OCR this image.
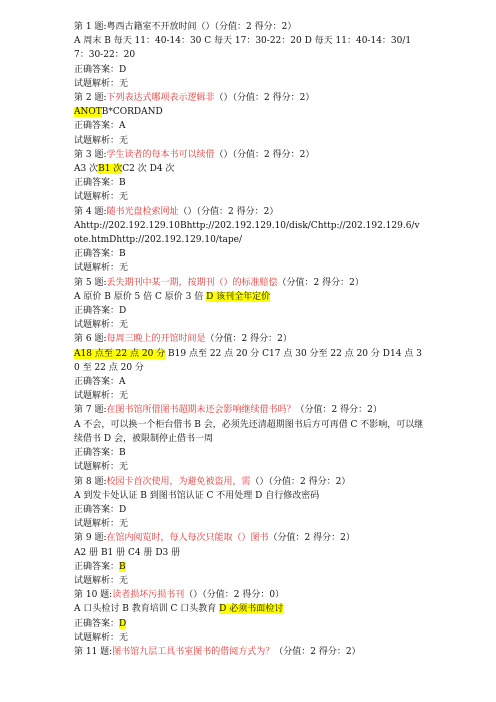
第 1 题:粤西古籍室不开放时间（）（分值：2 得分：2）
A 周末 B 每天 11：40-14：30 C 每天 17：30-22：20 D 每天 11：40-14：30/17：30-22：20
正确答案：D
试题解析：无
第 2 题:下列表达式哪项表示逻辑非（）（分值：2 得分：2）
ANOTB*CORDAND
正确答案：A
试题解析：无
第 3 题:学生读者的每本书可以续借（）（分值：2 得分：2）
A3 次B1 次C2 次 D4 次
正确答案：B
试题解析：无
第 4 题:随书光盘检索网址（）（分值：2 得分：2）
Ahttp://202.192.129.10Bhttp://202.192.129.10/disk/Chttp://202.192.129.6/vote.htmDhttp://202.192.129.10/tape/
正确答案：B
试题解析：无
第 5 题:丢失期刊中某一期，按期刊（）的标准赔偿（分值：2 得分：2）
A 原价 B 原价 5 倍 C 原价 3 倍 D 该刊全年定价
正确答案：D
试题解析：无
第 6 题:每周三晚上的开馆时间是（分值：2 得分：2）
A18 点至 22 点 20 分 B19 点至 22 点 20 分 C17 点 30 分至 22 点 20 分 D14 点 30 至 22 点 20 分
正确答案：A
试题解析：无
第 7 题:在图书馆所借图书超期未还会影响继续借书吗？（分值：2 得分：2）
A 不会，可以换一个柜台借书 B 会，必须先还清超期图书后方可再借 C 不影响，可以继续借书 D 会，被限制停止借书一周
正确答案：B
试题解析：无
第 8 题:校园卡首次使用，为避免被盗用，需（）（分值：2 得分：2）
A 到发卡处认证 B 到图书馆认证 C 不用处理 D 自行修改密码
正确答案：D
试题解析：无
第 9 题:在馆内阅览时，每人每次只能取（）图书（分值：2 得分：2）
A2 册 B1 册 C4 册 D3 册
正确答案：B
试题解析：无
第 10 题:读者损坏污损书刊（）（分值：2 得分：0）
A 口头检讨 B 教育培训 C 口头教育 D 必须书面检讨
正确答案：D
试题解析：无
第 11 题:图书馆九层工具书室图书的借阅方式为？（分值：2 得分：2）
